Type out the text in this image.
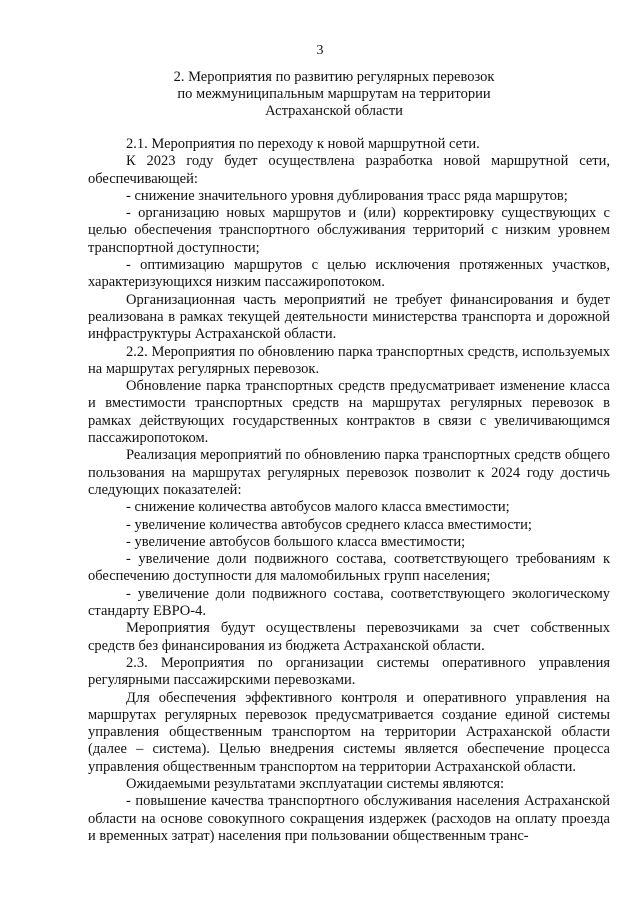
3
2. Мероприятия по развитию регулярных перевозок
по межмуниципальным маршрутам на территории
Астраханской области

2.1. Мероприятия по переходу к новой маршрутной сети.

К 2023 году будет осуществлена разработка новой маршрутной сети, обеспечивающей:

- снижение значительного уровня дублирования трасс ряда маршрутов;

- организацию новых маршрутов и (или) корректировку существующих с целью обеспечения транспортного обслуживания территорий с низким уровнем транспортной доступности;

- оптимизацию маршрутов с целью исключения протяженных участков, характеризующихся низким пассажиропотоком.

Организационная часть мероприятий не требует финансирования и будет реализована в рамках текущей деятельности министерства транспорта и дорожной инфраструктуры Астраханской области.

2.2. Мероприятия по обновлению парка транспортных средств, используемых на маршрутах регулярных перевозок.

Обновление парка транспортных средств предусматривает изменение класса и вместимости транспортных средств на маршрутах регулярных перевозок в рамках действующих государственных контрактов в связи с увеличивающимся пассажиропотоком.

Реализация мероприятий по обновлению парка транспортных средств общего пользования на маршрутах регулярных перевозок позволит к 2024 году достичь следующих показателей:

- снижение количества автобусов малого класса вместимости;

- увеличение количества автобусов среднего класса вместимости;

- увеличение автобусов большого класса вместимости;

- увеличение доли подвижного состава, соответствующего требованиям к обеспечению доступности для маломобильных групп населения;

- увеличение доли подвижного состава, соответствующего экологическому стандарту ЕВРО-4.

Мероприятия будут осуществлены перевозчиками за счет собственных средств без финансирования из бюджета Астраханской области.

2.3. Мероприятия по организации системы оперативного управления регулярными пассажирскими перевозками.

Для обеспечения эффективного контроля и оперативного управления на маршрутах регулярных перевозок предусматривается создание единой системы управления общественным транспортом на территории Астраханской области (далее – система). Целью внедрения системы является обеспечение процесса управления общественным транспортом на территории Астраханской области.

Ожидаемыми результатами эксплуатации системы являются:

- повышение качества транспортного обслуживания населения Астраханской области на основе совокупного сокращения издержек (расходов на оплату проезда и временных затрат) населения при пользовании общественным транс-
